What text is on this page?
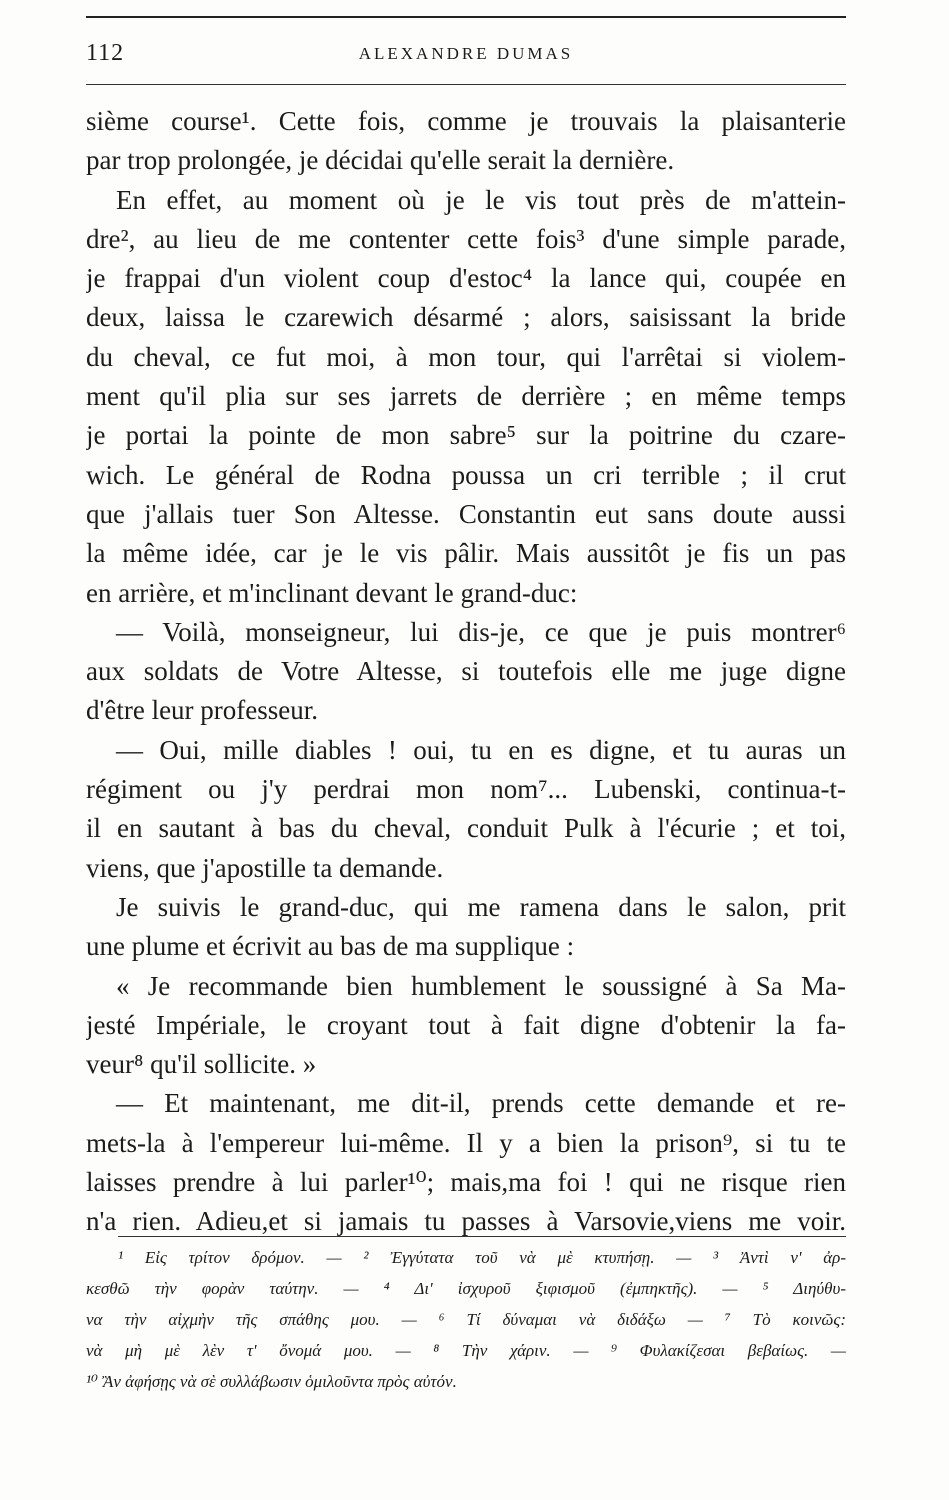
112	ALEXANDRE DUMAS
sième course¹. Cette fois, comme je trouvais la plaisanterie
par trop prolongée, je décidai qu'elle serait la dernière.
En effet, au moment où je le vis tout près de m'attein-
dre², au lieu de me contenter cette fois³ d'une simple parade,
je frappai d'un violent coup d'estoc⁴ la lance qui, coupée en
deux, laissa le czarewich désarmé ; alors, saisissant la bride
du cheval, ce fut moi, à mon tour, qui l'arrêtai si violem-
ment qu'il plia sur ses jarrets de derrière ; en même temps
je portai la pointe de mon sabre⁵ sur la poitrine du czare-
wich. Le général de Rodna poussa un cri terrible ; il crut
que j'allais tuer Son Altesse. Constantin eut sans doute aussi
la même idée, car je le vis pâlir. Mais aussitôt je fis un pas
en arrière, et m'inclinant devant le grand-duc:
— Voilà, monseigneur, lui dis-je, ce que je puis montrer⁶
aux soldats de Votre Altesse, si toutefois elle me juge digne
d'être leur professeur.
— Oui, mille diables ! oui, tu en es digne, et tu auras un
régiment ou j'y perdrai mon nom⁷... Lubenski, continua-t-
il en sautant à bas du cheval, conduit Pulk à l'écurie ; et toi,
viens, que j'apostille ta demande.
Je suivis le grand-duc, qui me ramena dans le salon, prit
une plume et écrivit au bas de ma supplique :
« Je recommande bien humblement le soussigné à Sa Ma-
jesté Impériale, le croyant tout à fait digne d'obtenir la fa-
veur⁸ qu'il sollicite. »
— Et maintenant, me dit-il, prends cette demande et re-
mets-la à l'empereur lui-même. Il y a bien la prison⁹, si tu te
laisses prendre à lui parler¹⁰; mais,ma foi ! qui ne risque rien
n'a rien. Adieu,et si jamais tu passes à Varsovie,viens me voir.
¹ Εἰς τρίτον δρόμον. — ² Ἐγγύτατα τοῦ νὰ μὲ κτυπήσῃ. — ³ Ἀντὶ ν' ἀρ-
κεσθῶ τὴν φορὰν ταύτην. — ⁴ Δι' ἰσχυροῦ ξιφισμοῦ (ἐμπηκτῆς). — ⁵ Διηύθυ-
να τὴν αἰχμὴν τῆς σπάθης μου. — ⁶ Τί δύναμαι νὰ διδάξω — ⁷ Τὸ κοινῶς:
νὰ μὴ μὲ λὲν τ' ὄνομά μου. — ⁸ Τὴν χάριν. — ⁹ Φυλακίζεσαι βεβαίως. —
¹⁰ Ἂν ἀφήσῃς νὰ σὲ συλλάβωσιν ὁμιλοῦντα πρὸς αὐτόν.
